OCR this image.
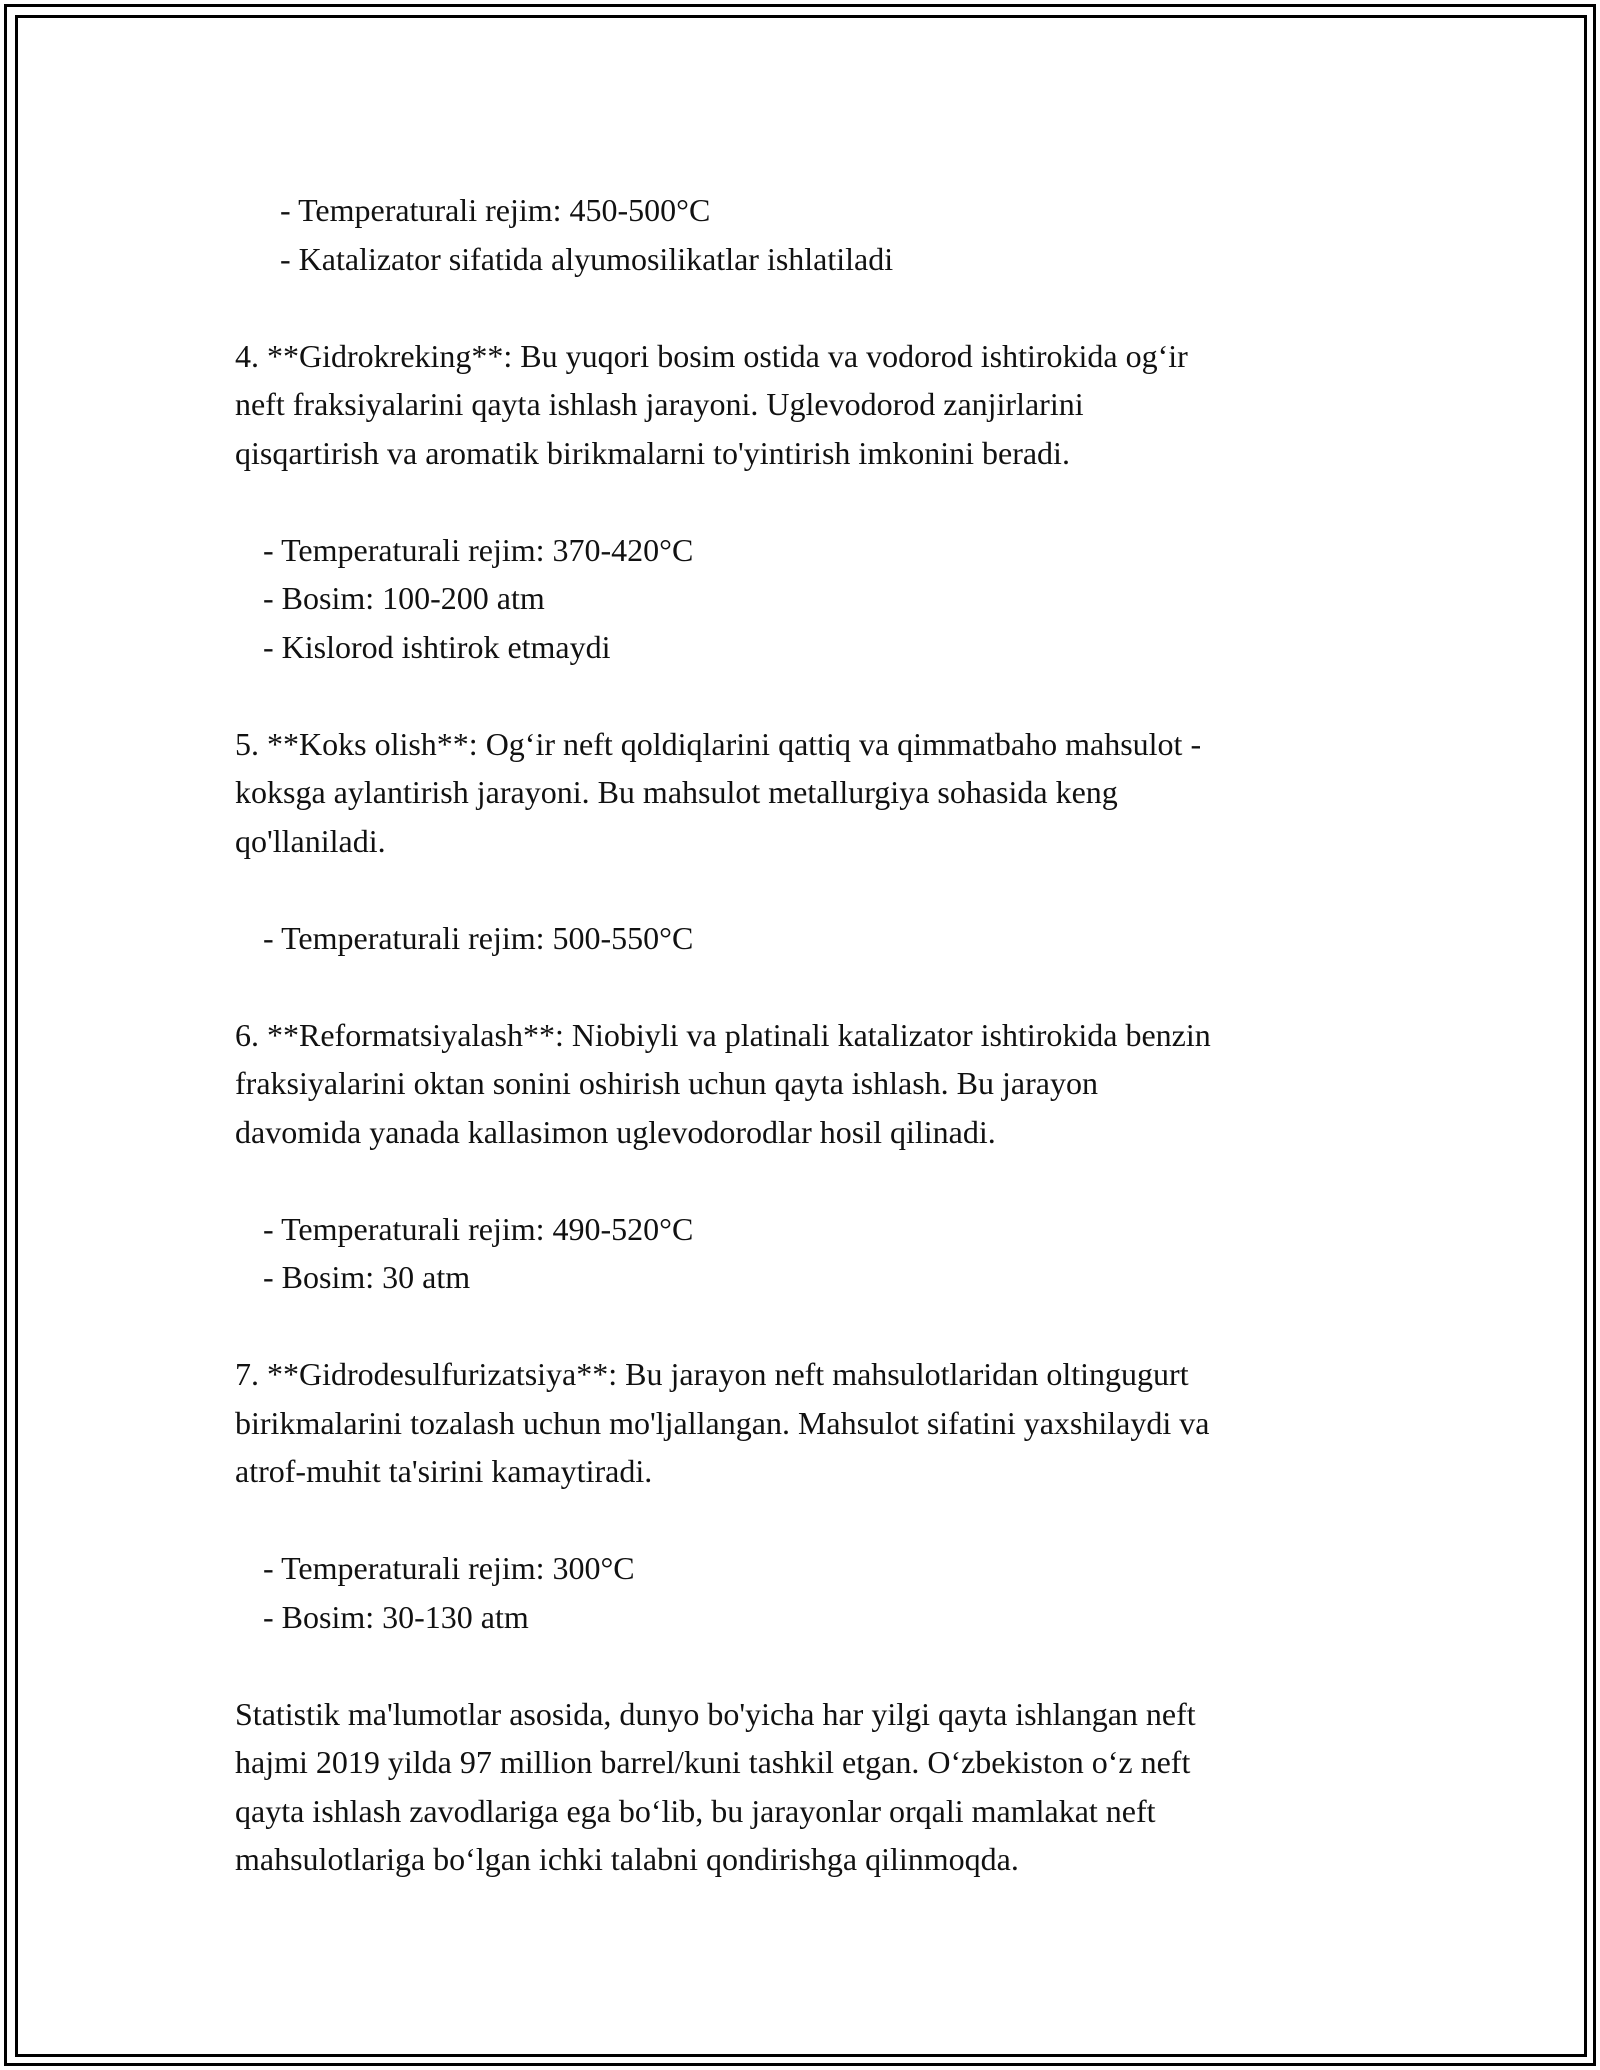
- Temperaturali rejim: 450-500°C

- Katalizator sifatida alyumosilikatlar ishlatiladi

4. **Gidrokreking**: Bu yuqori bosim ostida va vodorod ishtirokida og‘ir

neft fraksiyalarini qayta ishlash jarayoni. Uglevodorod zanjirlarini

qisqartirish va aromatik birikmalarni to'yintirish imkonini beradi.

- Temperaturali rejim: 370-420°C

- Bosim: 100-200 atm

- Kislorod ishtirok etmaydi

5. **Koks olish**: Og‘ir neft qoldiqlarini qattiq va qimmatbaho mahsulot -

koksga aylantirish jarayoni. Bu mahsulot metallurgiya sohasida keng

qo'llaniladi.

- Temperaturali rejim: 500-550°C

6. **Reformatsiyalash**: Niobiyli va platinali katalizator ishtirokida benzin

fraksiyalarini oktan sonini oshirish uchun qayta ishlash. Bu jarayon

davomida yanada kallasimon uglevodorodlar hosil qilinadi.

- Temperaturali rejim: 490-520°C

- Bosim: 30 atm

7. **Gidrodesulfurizatsiya**: Bu jarayon neft mahsulotlaridan oltingugurt

birikmalarini tozalash uchun mo'ljallangan. Mahsulot sifatini yaxshilaydi va

atrof-muhit ta'sirini kamaytiradi.

- Temperaturali rejim: 300°C

- Bosim: 30-130 atm

Statistik ma'lumotlar asosida, dunyo bo'yicha har yilgi qayta ishlangan neft

hajmi 2019 yilda 97 million barrel/kuni tashkil etgan. O‘zbekiston o‘z neft

qayta ishlash zavodlariga ega bo‘lib, bu jarayonlar orqali mamlakat neft

mahsulotlariga bo‘lgan ichki talabni qondirishga qilinmoqda.
